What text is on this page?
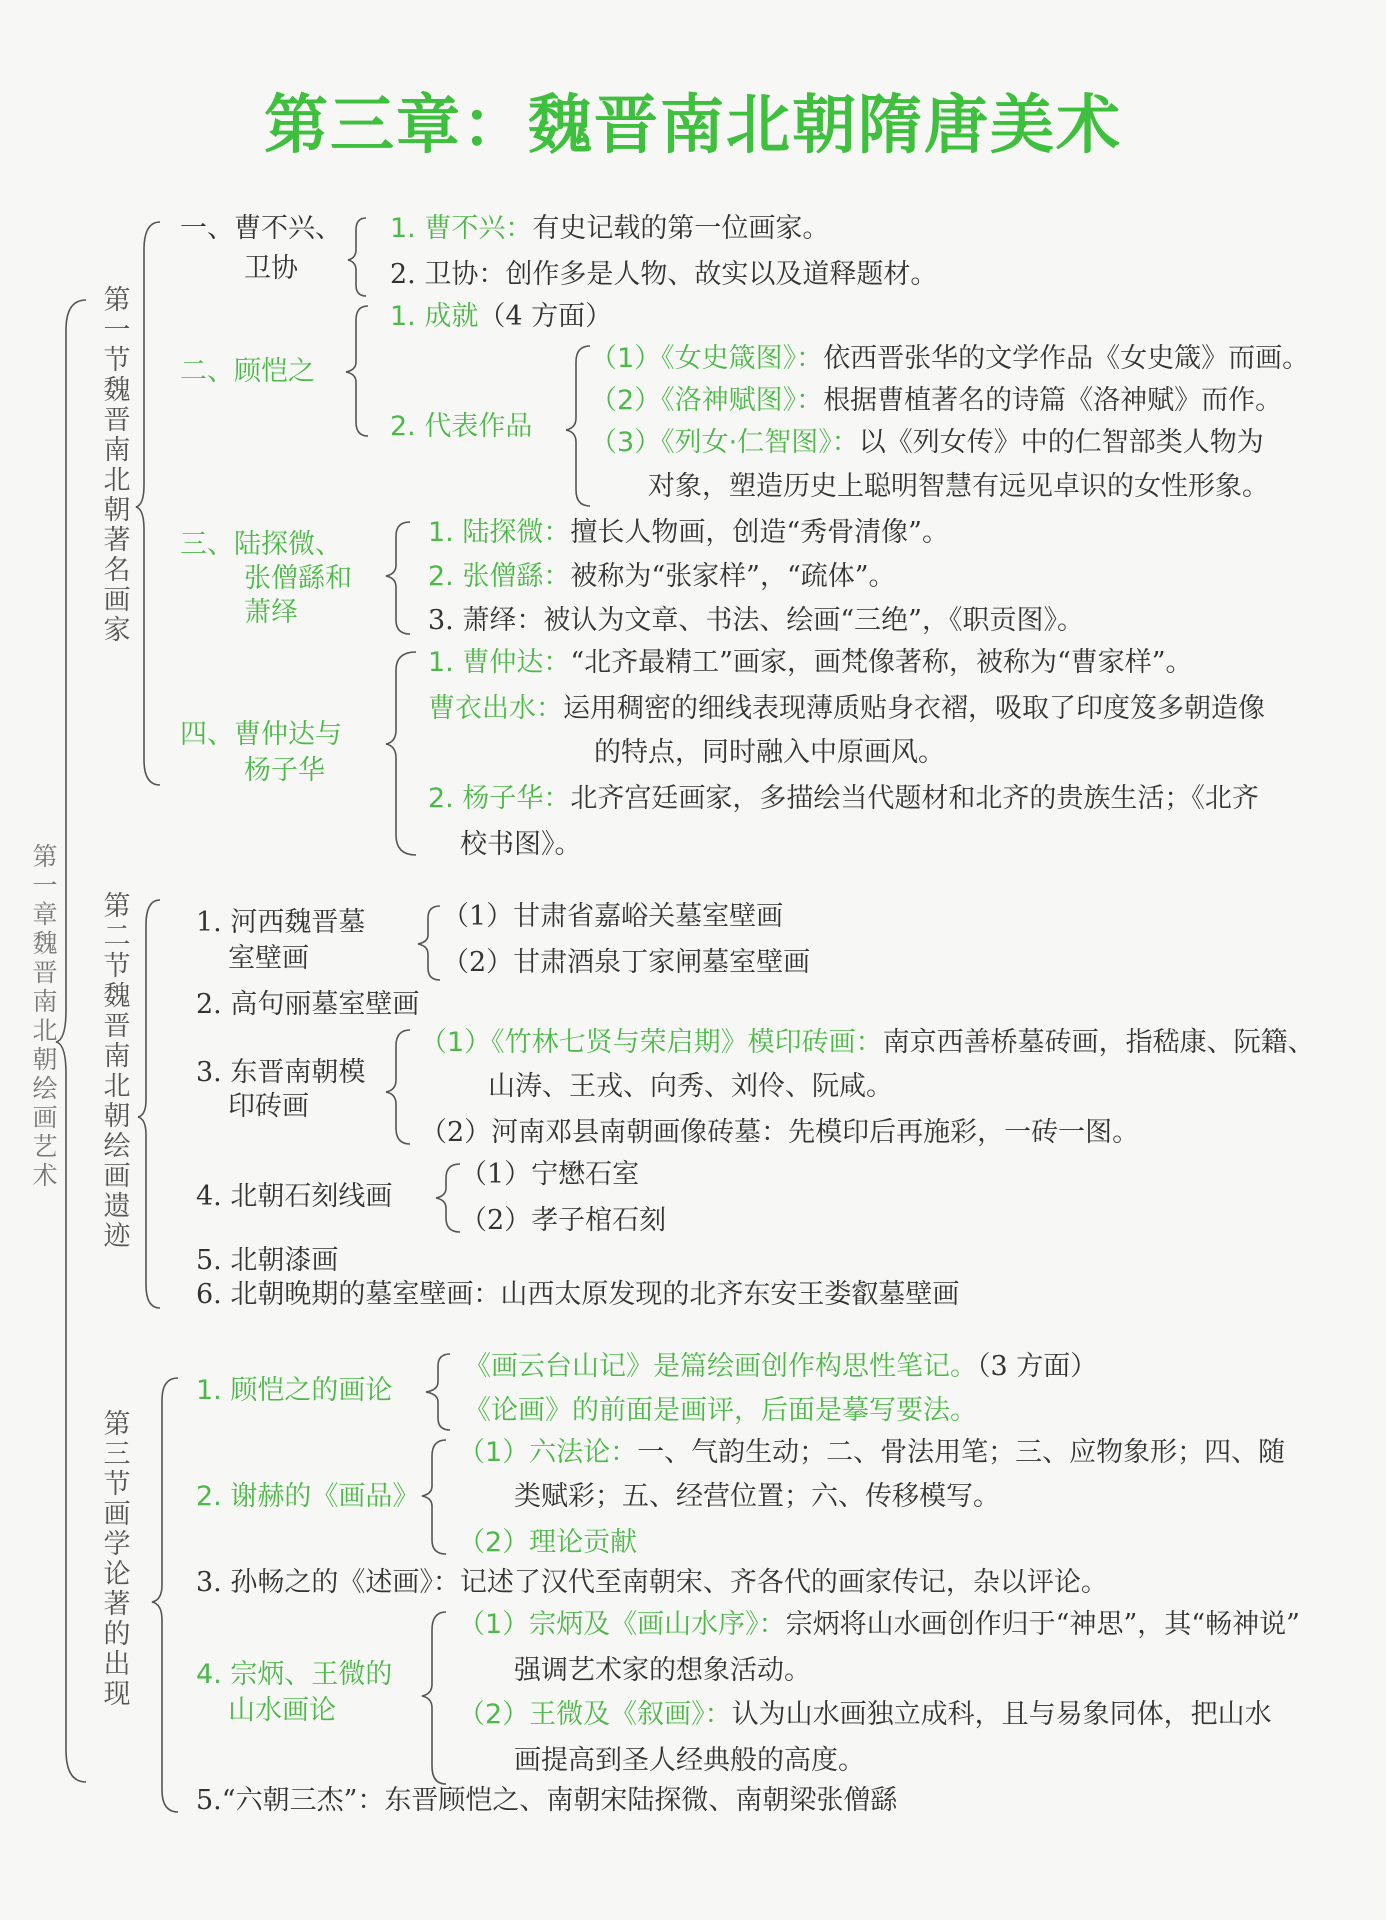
第三章：魏晋南北朝隋唐美术
第一章 魏晋南北朝绘画艺术
第一节 魏晋南北朝著名画家
第二节 魏晋南北朝绘画遗迹
第三节 画学论著的出现
一、曹不兴、
卫协
1. 曹不兴：有史记载的第一位画家。
2. 卫协：创作多是人物、故实以及道释题材。
二、顾恺之
1. 成就（4 方面）
2. 代表作品
（1）《女史箴图》：依西晋张华的文学作品《女史箴》而画。
（2）《洛神赋图》：根据曹植著名的诗篇《洛神赋》而作。
（3）《列女·仁智图》：以《列女传》中的仁智部类人物为
对象，塑造历史上聪明智慧有远见卓识的女性形象。
三、陆探微、
张僧繇和
萧绎
1. 陆探微：擅长人物画，创造“秀骨清像”。
2. 张僧繇：被称为“张家样”，“疏体”。
3. 萧绎：被认为文章、书法、绘画“三绝”，《职贡图》。
四、曹仲达与
杨子华
1. 曹仲达：“北齐最精工”画家，画梵像著称，被称为“曹家样”。
曹衣出水：运用稠密的细线表现薄质贴身衣褶，吸取了印度笈多朝造像
的特点，同时融入中原画风。
2. 杨子华：北齐宫廷画家，多描绘当代题材和北齐的贵族生活；《北齐
校书图》。
1. 河西魏晋墓
室壁画
（1）甘肃省嘉峪关墓室壁画
（2）甘肃酒泉丁家闸墓室壁画
2. 高句丽墓室壁画
3. 东晋南朝模
印砖画
（1）《竹林七贤与荣启期》模印砖画：南京西善桥墓砖画，指嵇康、阮籍、
山涛、王戎、向秀、刘伶、阮咸。
（2）河南邓县南朝画像砖墓：先模印后再施彩，一砖一图。
4. 北朝石刻线画
（1）宁懋石室
（2）孝子棺石刻
5. 北朝漆画
6. 北朝晚期的墓室壁画：山西太原发现的北齐东安王娄叡墓壁画
1. 顾恺之的画论
《画云台山记》是篇绘画创作构思性笔记。（3 方面）
《论画》的前面是画评，后面是摹写要法。
2. 谢赫的《画品》
（1）六法论：一、气韵生动；二、骨法用笔；三、应物象形；四、随
类赋彩；五、经营位置；六、传移模写。
（2）理论贡献
3. 孙畅之的《述画》：记述了汉代至南朝宋、齐各代的画家传记，杂以评论。
4. 宗炳、王微的
山水画论
（1）宗炳及《画山水序》：宗炳将山水画创作归于“神思”，其“畅神说”
强调艺术家的想象活动。
（2）王微及《叙画》：认为山水画独立成科，且与易象同体，把山水
画提高到圣人经典般的高度。
5.“六朝三杰”：东晋顾恺之、南朝宋陆探微、南朝梁张僧繇
